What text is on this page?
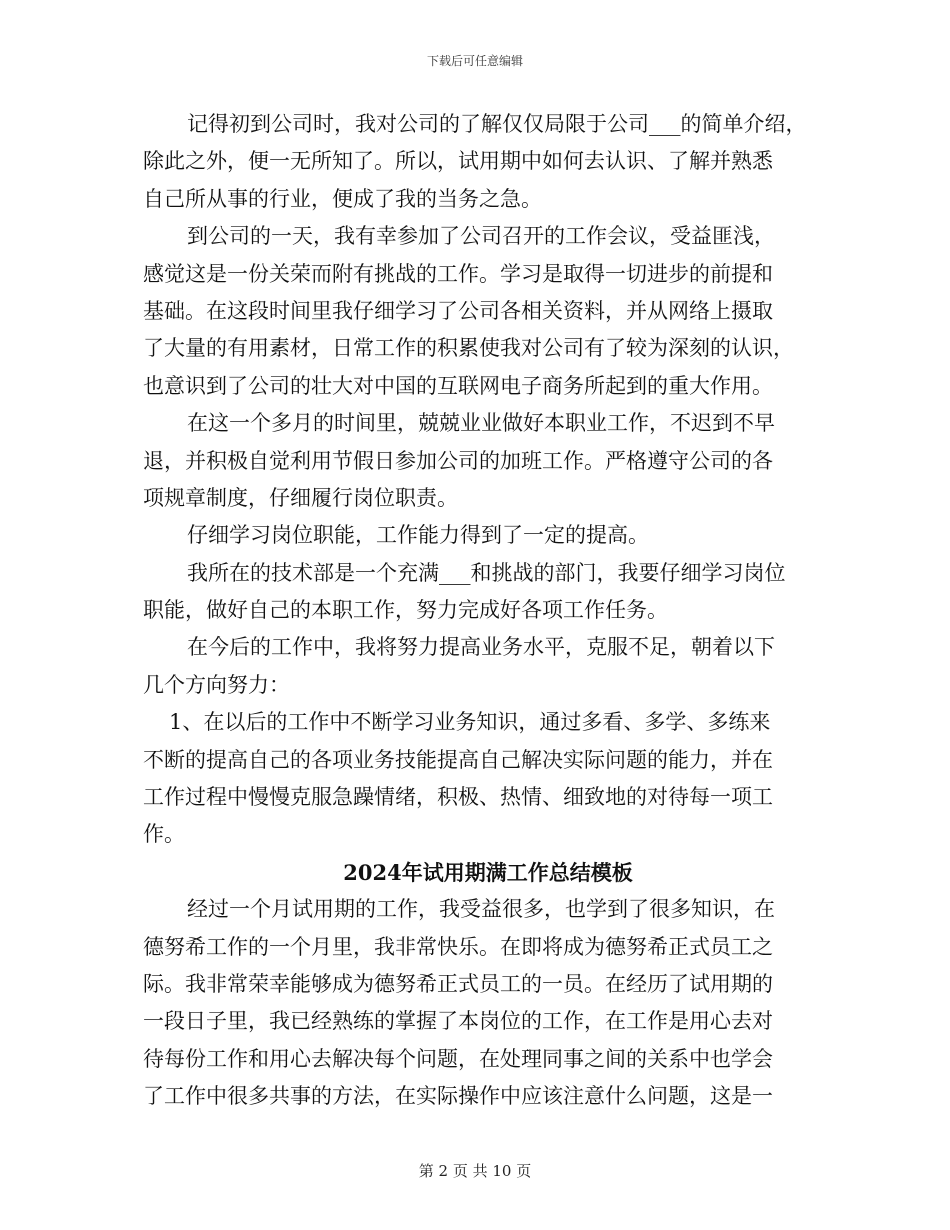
下载后可任意编辑
记得初到公司时，我对公司的了解仅仅局限于公司___的简单介绍，
除此之外，便一无所知了。所以，试用期中如何去认识、了解并熟悉
自己所从事的行业，便成了我的当务之急。
到公司的一天，我有幸参加了公司召开的工作会议，受益匪浅，
感觉这是一份关荣而附有挑战的工作。学习是取得一切进步的前提和
基础。在这段时间里我仔细学习了公司各相关资料，并从网络上摄取
了大量的有用素材，日常工作的积累使我对公司有了较为深刻的认识，
也意识到了公司的壮大对中国的互联网电子商务所起到的重大作用。
在这一个多月的时间里，兢兢业业做好本职业工作，不迟到不早
退，并积极自觉利用节假日参加公司的加班工作。严格遵守公司的各
项规章制度，仔细履行岗位职责。
仔细学习岗位职能，工作能力得到了一定的提高。
我所在的技术部是一个充满___和挑战的部门，我要仔细学习岗位
职能，做好自己的本职工作，努力完成好各项工作任务。
在今后的工作中，我将努力提高业务水平，克服不足，朝着以下
几个方向努力：
1、在以后的工作中不断学习业务知识，通过多看、多学、多练来
不断的提高自己的各项业务技能提高自己解决实际问题的能力，并在
工作过程中慢慢克服急躁情绪，积极、热情、细致地的对待每一项工
作。
2024年试用期满工作总结模板
经过一个月试用期的工作，我受益很多，也学到了很多知识，在
德努希工作的一个月里，我非常快乐。在即将成为德努希正式员工之
际。我非常荣幸能够成为德努希正式员工的一员。在经历了试用期的
一段日子里，我已经熟练的掌握了本岗位的工作，在工作是用心去对
待每份工作和用心去解决每个问题，在处理同事之间的关系中也学会
了工作中很多共事的方法，在实际操作中应该注意什么问题，这是一
第 2 页 共 10 页
